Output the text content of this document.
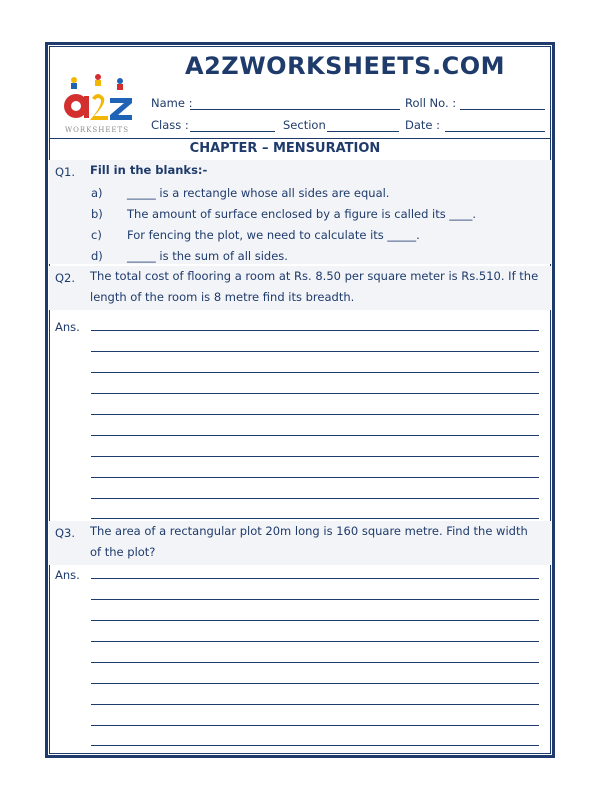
WORKSHEETS
A2ZWORKSHEETS.COM
Name :	Roll No. :
Class :	Section	Date :
CHAPTER – MENSURATION
Q1. Fill in the blanks:-
a) _____ is a rectangle whose all sides are equal.
b) The amount of surface enclosed by a figure is called its ____.
c) For fencing the plot, we need to calculate its _____.
d) _____ is the sum of all sides.
Q2. The total cost of flooring a room at Rs. 8.50 per square meter is Rs.510. If the length of the room is 8 metre find its breadth.
Ans.
Q3. The area of a rectangular plot 20m long is 160 square metre. Find the width of the plot?
Ans.
